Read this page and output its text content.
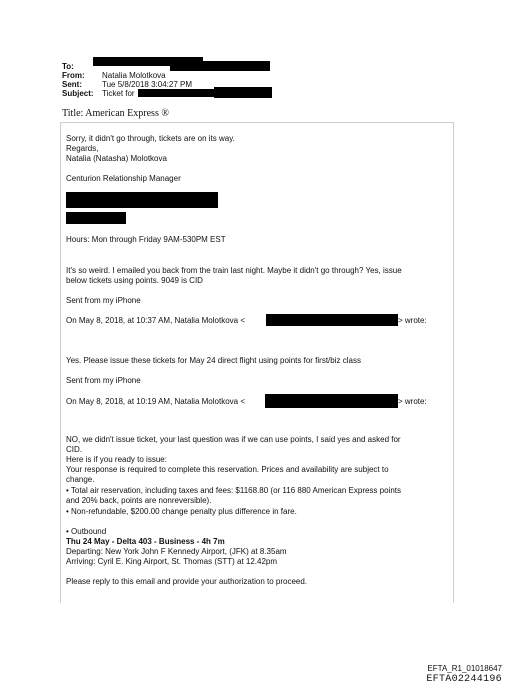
To:
From: Natalia Molotkova
Sent:	Tue 5/8/2018 3:04:27 PM
Subject: Ticket for
Title: American Express ®
Sorry, it didn't go through, tickets are on its way.
Regards,
Natalia (Natasha) Molotkova
Centurion Relationship Manager
Hours: Mon through Friday 9AM-530PM EST
It's so weird. I emailed you back from the train last night. Maybe it didn't go through? Yes, issue
below tickets using points. 9049 is CID
Sent from my iPhone
On May 8, 2018, at 10:37 AM, Natalia Molotkova <	> wrote:
Yes. Please issue these tickets for May 24 direct flight using points for first/biz class
Sent from my iPhone
On May 8, 2018, at 10:19 AM, Natalia Molotkova <	> wrote:
NO, we didn't issue ticket, your last question was if we can use points, I said yes and asked for
CID.
Here is if you ready to issue:
Your response is required to complete this reservation. Prices and availability are subject to
change.
• Total air reservation, including taxes and fees: $1168.80 (or 116 880 American Express points
and 20% back, points are nonreversible).
• Non-refundable, $200.00 change penalty plus difference in fare.
• Outbound
Thu 24 May - Delta 403 - Business - 4h 7m
Departing: New York John F Kennedy Airport, (JFK) at 8.35am
Arriving: Cyril E. King Airport, St. Thomas (STT) at 12.42pm
Please reply to this email and provide your authorization to proceed.
EFTA_R1_01018647
EFTA02244196
